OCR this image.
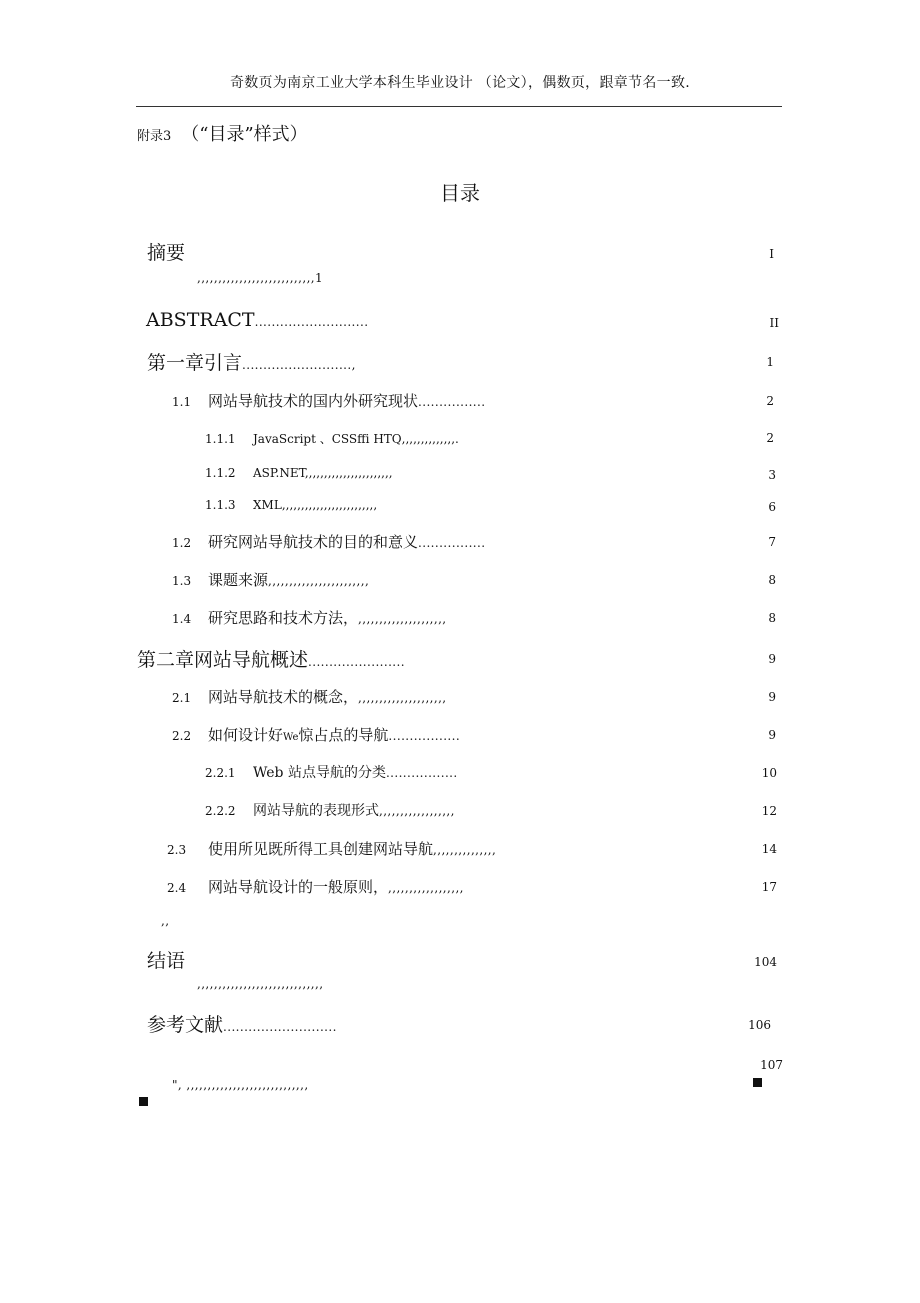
奇数页为南京工业大学本科生毕业设计 （论文），偶数页，跟章节名一致.
附录3 （“目录”样式）
目录
摘要	I
,,,,,,,,,,,,,,,,,,,,,,,,,,,,1
ABSTRACT...........................	II
第一章引言..........................,	1
1.1 网站导航技术的国内外研究现状................	2
1.1.1 JavaScript 、CSSffi HTQ,,,,,,,,,,,,,,.	2
1.1.2 ASP.NET,,,,,,,,,,,,,,,,,,,,,,,	3
1.1.3 XML,,,,,,,,,,,,,,,,,,,,,,,,,	6
1.2 研究网站导航技术的目的和意义................	7
1.3 课题来源,,,,,,,,,,,,,,,,,,,,,,,,	8
1.4 研究思路和技术方法，,,,,,,,,,,,,,,,,,,,,,	8
第二章网站导航概述.......................	9
2.1 网站导航技术的概念，,,,,,,,,,,,,,,,,,,,,,	9
2.2 如何设计好We惊占点的导航.................	9
2.2.1 Web 站点导航的分类.................	10
2.2.2 网站导航的表现形式,,,,,,,,,,,,,,,,,,	12
2.3 使用所见既所得工具创建网站导航,,,,,,,,,,,,,,,	14
2.4 网站导航设计的一般原则，,,,,,,,,,,,,,,,,,,	17
,,
结语	104
,,,,,,,,,,,,,,,,,,,,,,,,,,,,,,
参考文献...........................	106
107
", ,,,,,,,,,,,,,,,,,,,,,,,,,,,,,
